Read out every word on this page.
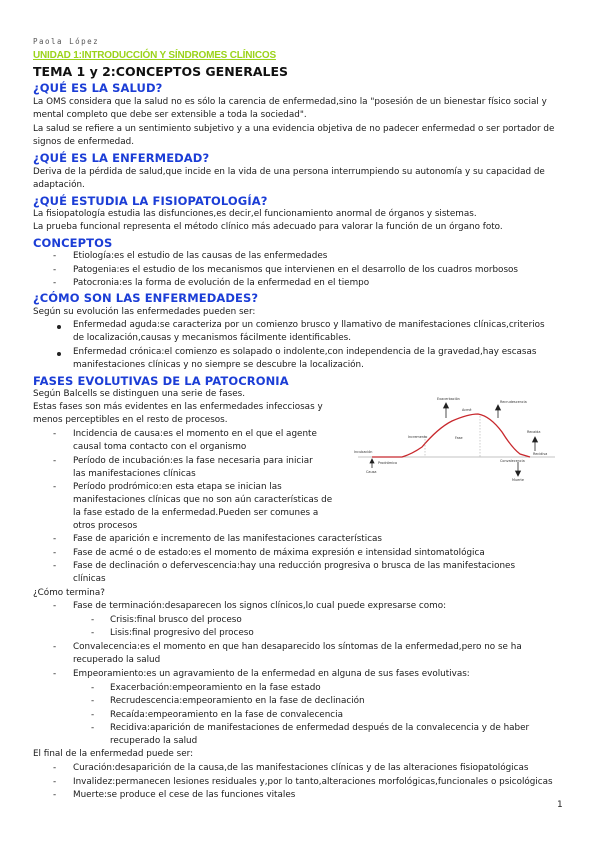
Paola López
UNIDAD 1:INTRODUCCIÓN Y SÍNDROMES CLÍNICOS
TEMA 1 y 2:CONCEPTOS GENERALES
¿QUÉ ES LA SALUD?
La OMS considera que la salud no es sólo la carencia de enfermedad,sino la "posesión de un bienestar físico social y
mental completo que debe ser extensible a toda la sociedad".
La salud se refiere a un sentimiento subjetivo y a una evidencia objetiva de no padecer enfermedad o ser portador de
signos de enfermedad.
¿QUÉ ES LA ENFERMEDAD?
Deriva de la pérdida de salud,que incide en la vida de una persona interrumpiendo su autonomía y su capacidad de
adaptación.
¿QUÉ ESTUDIA LA FISIOPATOLOGÍA?
La fisiopatología estudia las disfunciones,es decir,el funcionamiento anormal de órganos y sistemas.
La prueba funcional representa el método clínico más adecuado para valorar la función de un órgano foto.
CONCEPTOS
- Etiología:es el estudio de las causas de las enfermedades
- Patogenia:es el estudio de los mecanismos que intervienen en el desarrollo de los cuadros morbosos
- Patocronia:es la forma de evolución de la enfermedad en el tiempo
¿CÓMO SON LAS ENFERMEDADES?
Según su evolución las enfermedades pueden ser:
Enfermedad aguda:se caracteriza por un comienzo brusco y llamativo de manifestaciones clínicas,criterios
de localización,causas y mecanismos fácilmente identificables.
Enfermedad crónica:el comienzo es solapado o indolente,con independencia de la gravedad,hay escasas
manifestaciones clínicas y no siempre se descubre la localización.
FASES EVOLUTIVAS DE LA PATOCRONIA
Según Balcells se distinguen una serie de fases.
Estas fases son más evidentes en las enfermedades infecciosas y
menos perceptibles en el resto de procesos.
- Incidencia de causa:es el momento en el que el agente
causal toma contacto con el organismo
- Período de incubación:es la fase necesaria para iniciar
las manifestaciones clínicas
- Período prodrómico:en esta etapa se inician las
manifestaciones clínicas que no son aún características de
la fase estado de la enfermedad.Pueden ser comunes a
otros procesos
- Fase de aparición e incremento de las manifestaciones características
- Fase de acmé o de estado:es el momento de máxima expresión e intensidad sintomatológica
- Fase de declinación o defervescencia:hay una reducción progresiva o brusca de las manifestaciones
clínicas
¿Cómo termina?
- Fase de terminación:desaparecen los signos clínicos,lo cual puede expresarse como:
- Crisis:final brusco del proceso
- Lisis:final progresivo del proceso
- Convalecencia:es el momento en que han desaparecido los síntomas de la enfermedad,pero no se ha
recuperado la salud
- Empeoramiento:es un agravamiento de la enfermedad en alguna de sus fases evolutivas:
- Exacerbación:empeoramiento en la fase estado
- Recrudescencia:empeoramiento en la fase de declinación
- Recaída:empeoramiento en la fase de convalecencia
- Recidiva:aparición de manifestaciones de enfermedad después de la convalecencia y de haber
recuperado la salud
El final de la enfermedad puede ser:
- Curación:desaparición de la causa,de las manifestaciones clínicas y de las alteraciones fisiopatológicas
- Invalidez:permanecen lesiones residuales y,por lo tanto,alteraciones morfológicas,funcionales o psicológicas
- Muerte:se produce el cese de las funciones vitales
1
Exacerbación
Recrudescencia
Acmé
Incremento	Fase
Recaída
Incubación
Prodrómico	Convalecencia
Recidiva
Causa
Muerte
Empeoramiento
